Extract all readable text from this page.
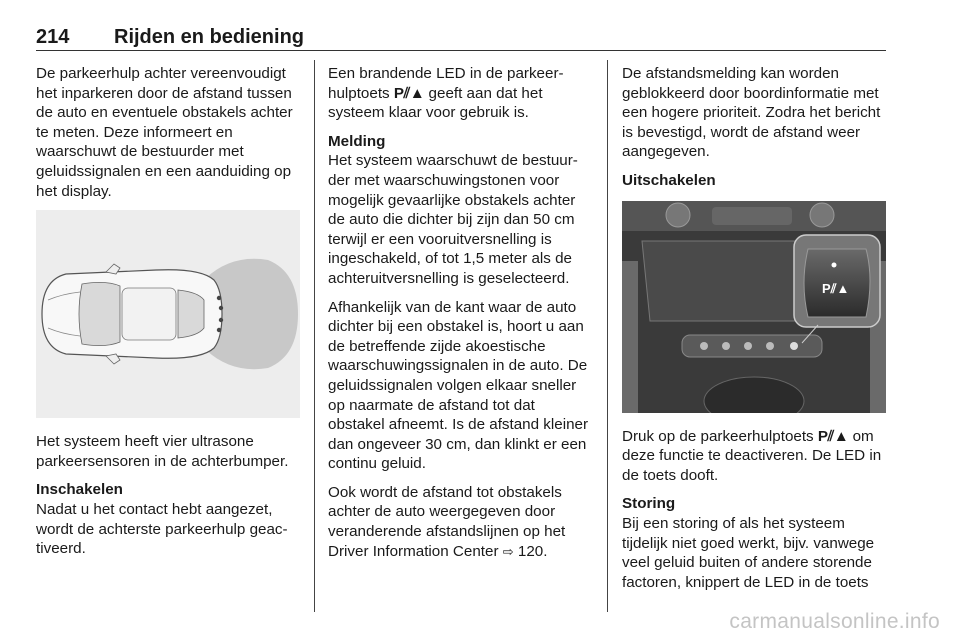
214 Rijden en bediening

De parkeerhulp achter vereenvoudigt het inparkeren door de afstand tussen de auto en eventuele obstakels achter te meten. Deze informeert en waarschuwt de bestuurder met geluidssignalen en een aanduiding op het display.

Het systeem heeft vier ultrasone parkeersensoren in de achterbumper.

Inschakelen

Nadat u het contact hebt aangezet, wordt de achterste parkeerhulp geactiveerd.

Een brandende LED in de parkeerhulptoets P⫽▲ geeft aan dat het systeem klaar voor gebruik is.

Melding

Het systeem waarschuwt de bestuurder met waarschuwingstonen voor mogelijk gevaarlijke obstakels achter de auto die dichter bij zijn dan 50 cm terwijl er een vooruitversnelling is ingeschakeld, of tot 1,5 meter als de achteruitversnelling is geselecteerd.

Afhankelijk van de kant waar de auto dichter bij een obstakel is, hoort u aan de betreffende zijde akoestische waarschuwingssignalen in de auto. De geluidssignalen volgen elkaar sneller op naarmate de afstand tot dat obstakel afneemt. Is de afstand kleiner dan ongeveer 30 cm, dan klinkt er een continu geluid.

Ook wordt de afstand tot obstakels achter de auto weergegeven door veranderende afstandslijnen op het Driver Information Center ⇨ 120.

De afstandsmelding kan worden geblokkeerd door boordinformatie met een hogere prioriteit. Zodra het bericht is bevestigd, wordt de afstand weer aangegeven.

Uitschakelen
P⫽▲

Druk op de parkeerhulptoets P⫽▲ om deze functie te deactiveren. De LED in de toets dooft.

Storing

Bij een storing of als het systeem tijdelijk niet goed werkt, bijv. vanwege veel geluid buiten of andere storende factoren, knippert de LED in de toets

carmanualsonline.info
